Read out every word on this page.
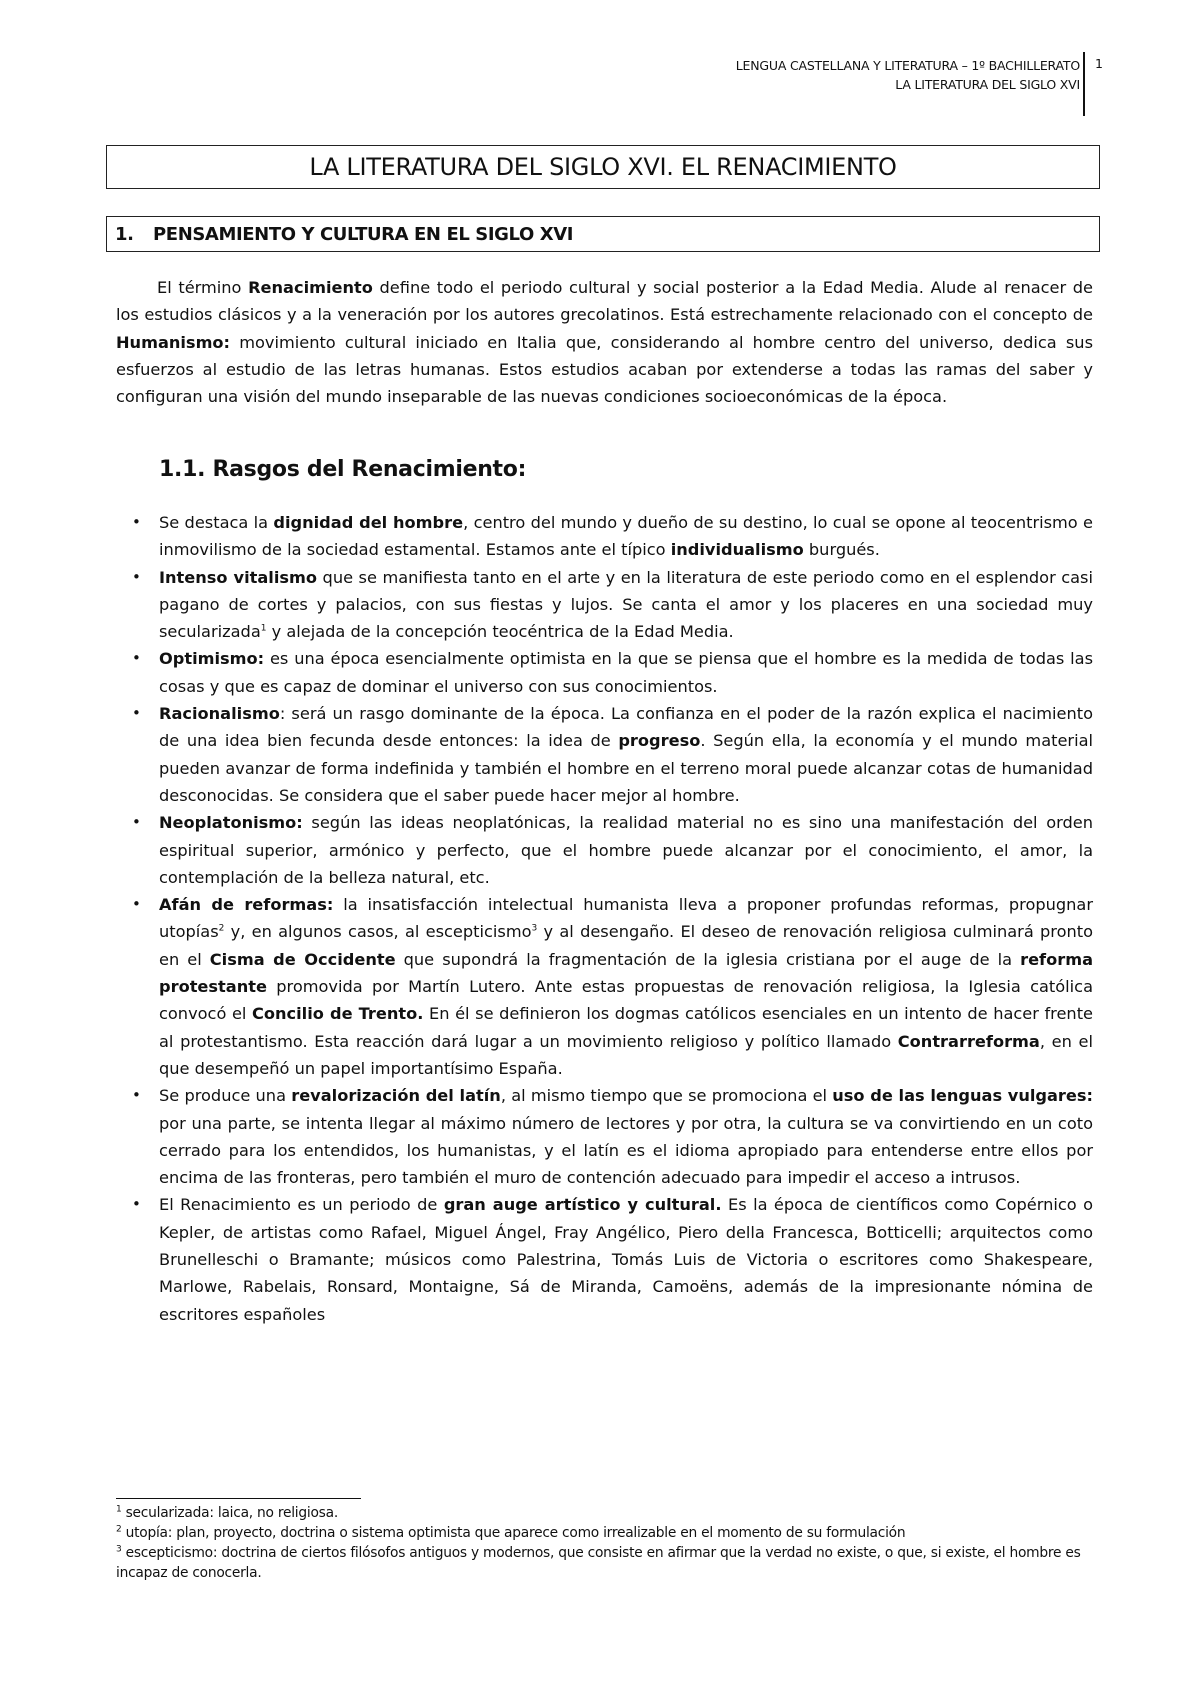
LENGUA CASTELLANA Y LITERATURA – 1º BACHILLERATO
LA LITERATURA DEL SIGLO XVI
1
LA LITERATURA DEL SIGLO XVI. EL RENACIMIENTO
1.	PENSAMIENTO Y CULTURA EN EL SIGLO XVI

El término Renacimiento define todo el periodo cultural y social posterior a la Edad Media. Alude al renacer de los estudios clásicos y a la veneración por los autores grecolatinos. Está estrechamente relacionado con el concepto de Humanismo: movimiento cultural iniciado en Italia que, considerando al hombre centro del universo, dedica sus esfuerzos al estudio de las letras humanas. Estos estudios acaban por extenderse a todas las ramas del saber y configuran una visión del mundo inseparable de las nuevas condiciones socioeconómicas de la época.

1.1. Rasgos del Renacimiento:
• Se destaca la dignidad del hombre, centro del mundo y dueño de su destino, lo cual se opone al teocentrismo e inmovilismo de la sociedad estamental. Estamos ante el típico individualismo burgués.
• Intenso vitalismo que se manifiesta tanto en el arte y en la literatura de este periodo como en el esplendor casi pagano de cortes y palacios, con sus fiestas y lujos. Se canta el amor y los placeres en una sociedad muy secularizada$^1$ y alejada de la concepción teocéntrica de la Edad Media.
• Optimismo: es una época esencialmente optimista en la que se piensa que el hombre es la medida de todas las cosas y que es capaz de dominar el universo con sus conocimientos.
• Racionalismo: será un rasgo dominante de la época. La confianza en el poder de la razón explica el nacimiento de una idea bien fecunda desde entonces: la idea de progreso. Según ella, la economía y el mundo material pueden avanzar de forma indefinida y también el hombre en el terreno moral puede alcanzar cotas de humanidad desconocidas. Se considera que el saber puede hacer mejor al hombre.
• Neoplatonismo: según las ideas neoplatónicas, la realidad material no es sino una manifestación del orden espiritual superior, armónico y perfecto, que el hombre puede alcanzar por el conocimiento, el amor, la contemplación de la belleza natural, etc.
• Afán de reformas: la insatisfacción intelectual humanista lleva a proponer profundas reformas, propugnar utopías$^2$ y, en algunos casos, al escepticismo$^3$ y al desengaño. El deseo de renovación religiosa culminará pronto en el Cisma de Occidente que supondrá la fragmentación de la iglesia cristiana por el auge de la reforma protestante promovida por Martín Lutero. Ante estas propuestas de renovación religiosa, la Iglesia católica convocó el Concilio de Trento. En él se definieron los dogmas católicos esenciales en un intento de hacer frente al protestantismo. Esta reacción dará lugar a un movimiento religioso y político llamado Contrarreforma, en el que desempeñó un papel importantísimo España.
• Se produce una revalorización del latín, al mismo tiempo que se promociona el uso de las lenguas vulgares: por una parte, se intenta llegar al máximo número de lectores y por otra, la cultura se va convirtiendo en un coto cerrado para los entendidos, los humanistas, y el latín es el idioma apropiado para entenderse entre ellos por encima de las fronteras, pero también el muro de contención adecuado para impedir el acceso a intrusos.
• El Renacimiento es un periodo de gran auge artístico y cultural. Es la época de científicos como Copérnico o Kepler, de artistas como Rafael, Miguel Ángel, Fray Angélico, Piero della Francesca, Botticelli; arquitectos como Brunelleschi o Bramante; músicos como Palestrina, Tomás Luis de Victoria o escritores como Shakespeare, Marlowe, Rabelais, Ronsard, Montaigne, Sá de Miranda, Camoëns, además de la impresionante nómina de escritores españoles

$^1$ secularizada: laica, no religiosa.

$^2$ utopía: plan, proyecto, doctrina o sistema optimista que aparece como irrealizable en el momento de su formulación

$^3$ escepticismo: doctrina de ciertos filósofos antiguos y modernos, que consiste en afirmar que la verdad no existe, o que, si existe, el hombre es incapaz de conocerla.
